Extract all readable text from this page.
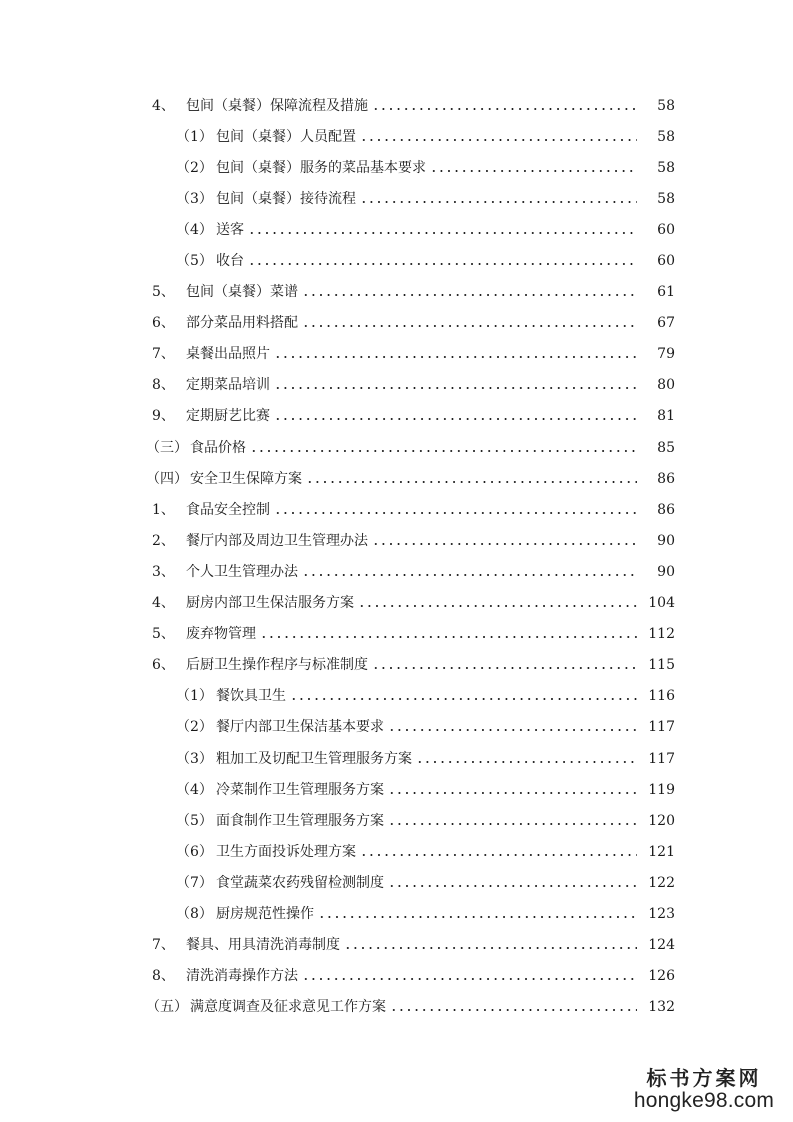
4、 包间（桌餐）保障流程及措施	58
（1） 包间（桌餐）人员配置	58
（2） 包间（桌餐）服务的菜品基本要求	58
（3） 包间（桌餐）接待流程	58
（4） 送客	60
（5） 收台	60
5、 包间（桌餐）菜谱	61
6、 部分菜品用料搭配	67
7、 桌餐出品照片	79
8、 定期菜品培训	80
9、 定期厨艺比赛	81
（三） 食品价格	85
（四） 安全卫生保障方案	86
1、 食品安全控制	86
2、 餐厅内部及周边卫生管理办法	90
3、 个人卫生管理办法	90
4、 厨房内部卫生保洁服务方案	104
5、 废弃物管理	112
6、 后厨卫生操作程序与标准制度	115
（1） 餐饮具卫生	116
（2） 餐厅内部卫生保洁基本要求	117
（3） 粗加工及切配卫生管理服务方案	117
（4） 冷菜制作卫生管理服务方案	119
（5） 面食制作卫生管理服务方案	120
（6） 卫生方面投诉处理方案	121
（7） 食堂蔬菜农药残留检测制度	122
（8） 厨房规范性操作	123
7、 餐具、用具清洗消毒制度	124
8、 清洗消毒操作方法	126
（五） 满意度调查及征求意见工作方案	132
标书方案网
hongke98.com
